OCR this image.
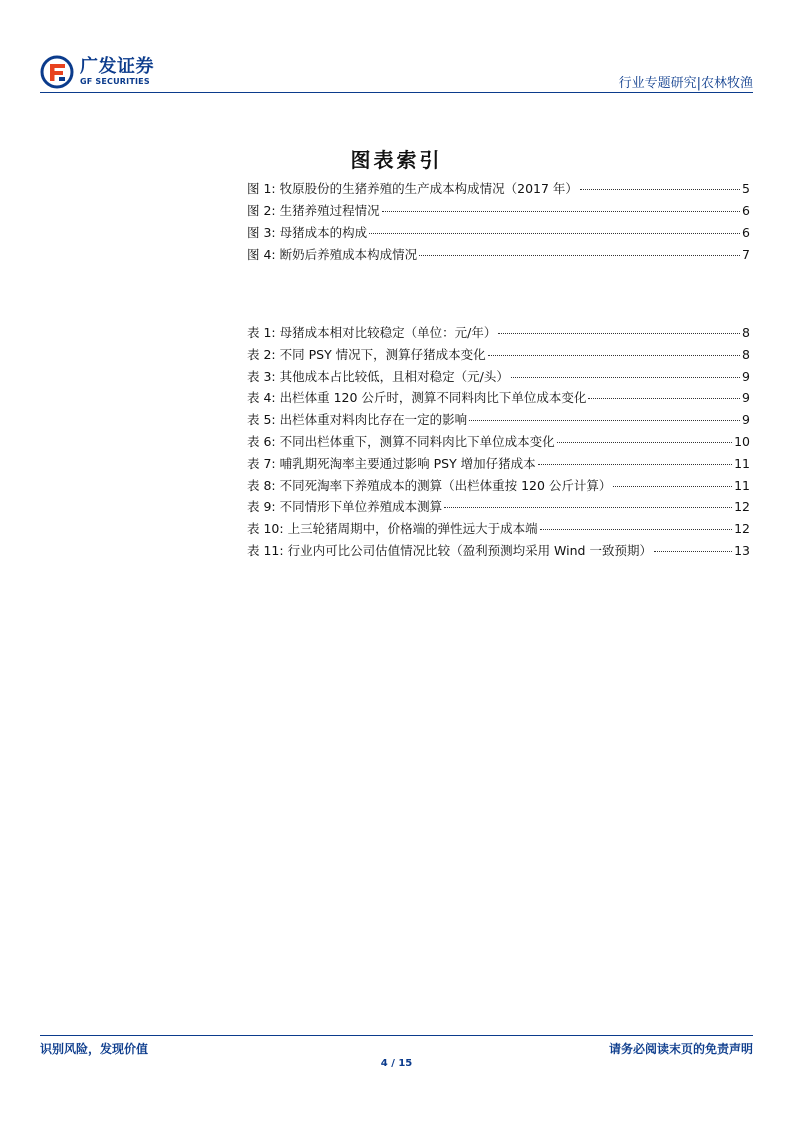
广发证券
GF SECURITIES	行业专题研究|农林牧渔
图表索引
图 1: 牧原股份的生猪养殖的生产成本构成情况（2017 年）	5
图 2: 生猪养殖过程情况	6
图 3: 母猪成本的构成	6
图 4: 断奶后养殖成本构成情况	7
表 1: 母猪成本相对比较稳定（单位：元/年）	8
表 2: 不同 PSY 情况下，测算仔猪成本变化	8
表 3: 其他成本占比较低，且相对稳定（元/头）	9
表 4: 出栏体重 120 公斤时，测算不同料肉比下单位成本变化	9
表 5: 出栏体重对料肉比存在一定的影响	9
表 6: 不同出栏体重下，测算不同料肉比下单位成本变化	10
表 7: 哺乳期死淘率主要通过影响 PSY 增加仔猪成本	11
表 8: 不同死淘率下养殖成本的测算（出栏体重按 120 公斤计算）	11
表 9: 不同情形下单位养殖成本测算	12
表 10: 上三轮猪周期中，价格端的弹性远大于成本端	12
表 11: 行业内可比公司估值情况比较（盈利预测均采用 Wind 一致预期）	13
识别风险，发现价值	请务必阅读末页的免责声明
4 / 15
